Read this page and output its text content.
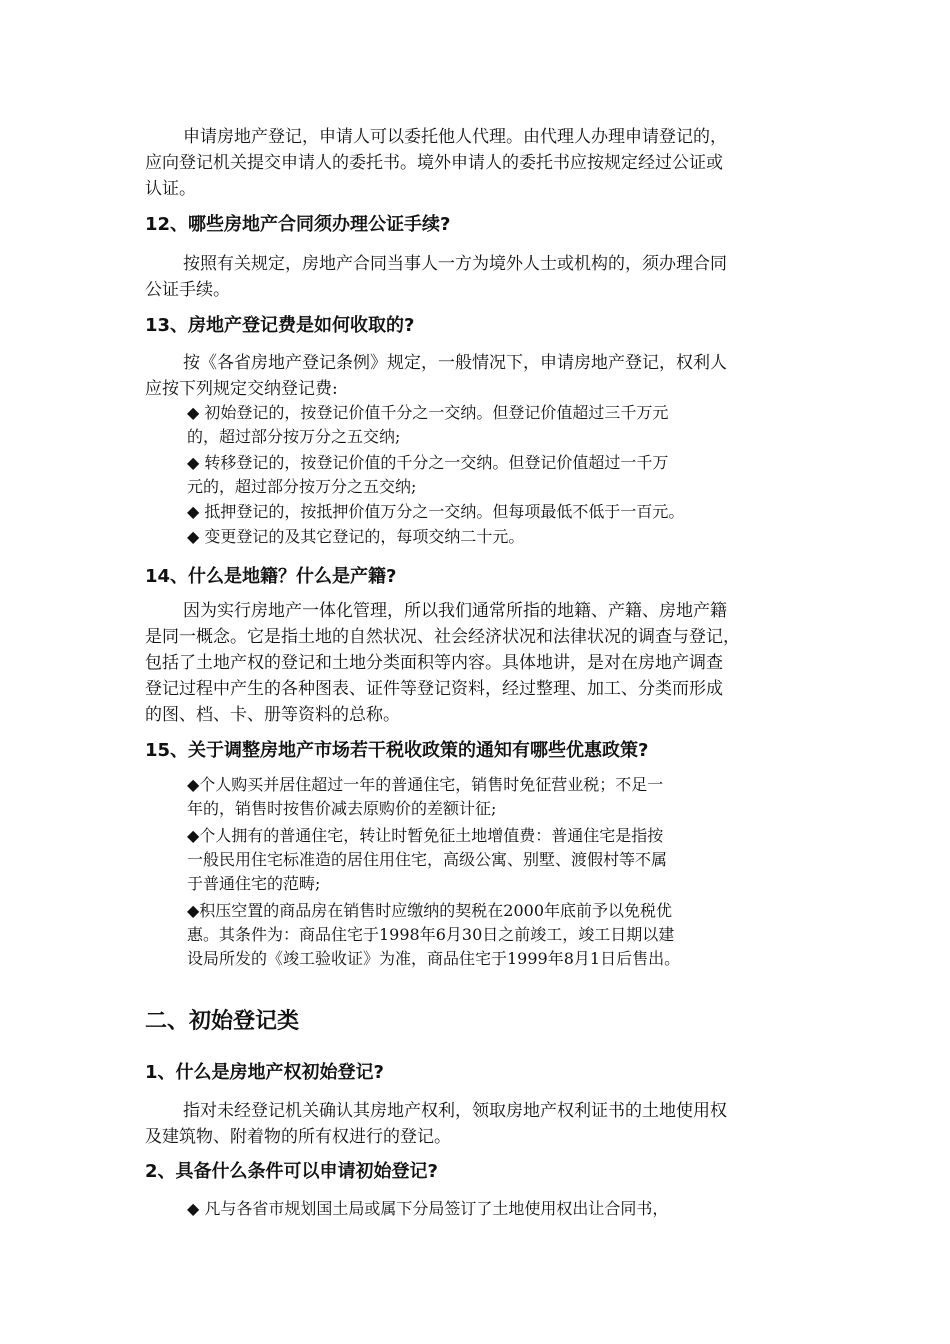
申请房地产登记，申请人可以委托他人代理。由代理人办理申请登记的，
应向登记机关提交申请人的委托书。境外申请人的委托书应按规定经过公证或
认证。
12、哪些房地产合同须办理公证手续?
按照有关规定，房地产合同当事人一方为境外人士或机构的，须办理合同
公证手续。
13、房地产登记费是如何收取的?
按《各省房地产登记条例》规定，一般情况下，申请房地产登记，权利人
应按下列规定交纳登记费:
◆ 初始登记的，按登记价值千分之一交纳。但登记价值超过三千万元
的，超过部分按万分之五交纳;
◆ 转移登记的，按登记价值的千分之一交纳。但登记价值超过一千万
元的，超过部分按万分之五交纳;
◆ 抵押登记的，按抵押价值万分之一交纳。但每项最低不低于一百元。
◆ 变更登记的及其它登记的，每项交纳二十元。
14、什么是地籍？什么是产籍?
因为实行房地产一体化管理，所以我们通常所指的地籍、产籍、房地产籍
是同一概念。它是指土地的自然状况、社会经济状况和法律状况的调查与登记，
包括了土地产权的登记和土地分类面积等内容。具体地讲，是对在房地产调查
登记过程中产生的各种图表、证件等登记资料，经过整理、加工、分类而形成
的图、档、卡、册等资料的总称。
15、关于调整房地产市场若干税收政策的通知有哪些优惠政策?
◆个人购买并居住超过一年的普通住宅，销售时免征营业税；不足一
年的，销售时按售价减去原购价的差额计征;
◆个人拥有的普通住宅，转让时暂免征土地增值费：普通住宅是指按
一般民用住宅标准造的居住用住宅，高级公寓、别墅、渡假村等不属
于普通住宅的范畴;
◆积压空置的商品房在销售时应缴纳的契税在2000年底前予以免税优
惠。其条件为：商品住宅于1998年6月30日之前竣工，竣工日期以建
设局所发的《竣工验收证》为准，商品住宅于1999年8月1日后售出。
二、初始登记类
1、什么是房地产权初始登记?
指对未经登记机关确认其房地产权利，领取房地产权利证书的土地使用权
及建筑物、附着物的所有权进行的登记。
2、具备什么条件可以申请初始登记?
◆ 凡与各省市规划国土局或属下分局签订了土地使用权出让合同书，
